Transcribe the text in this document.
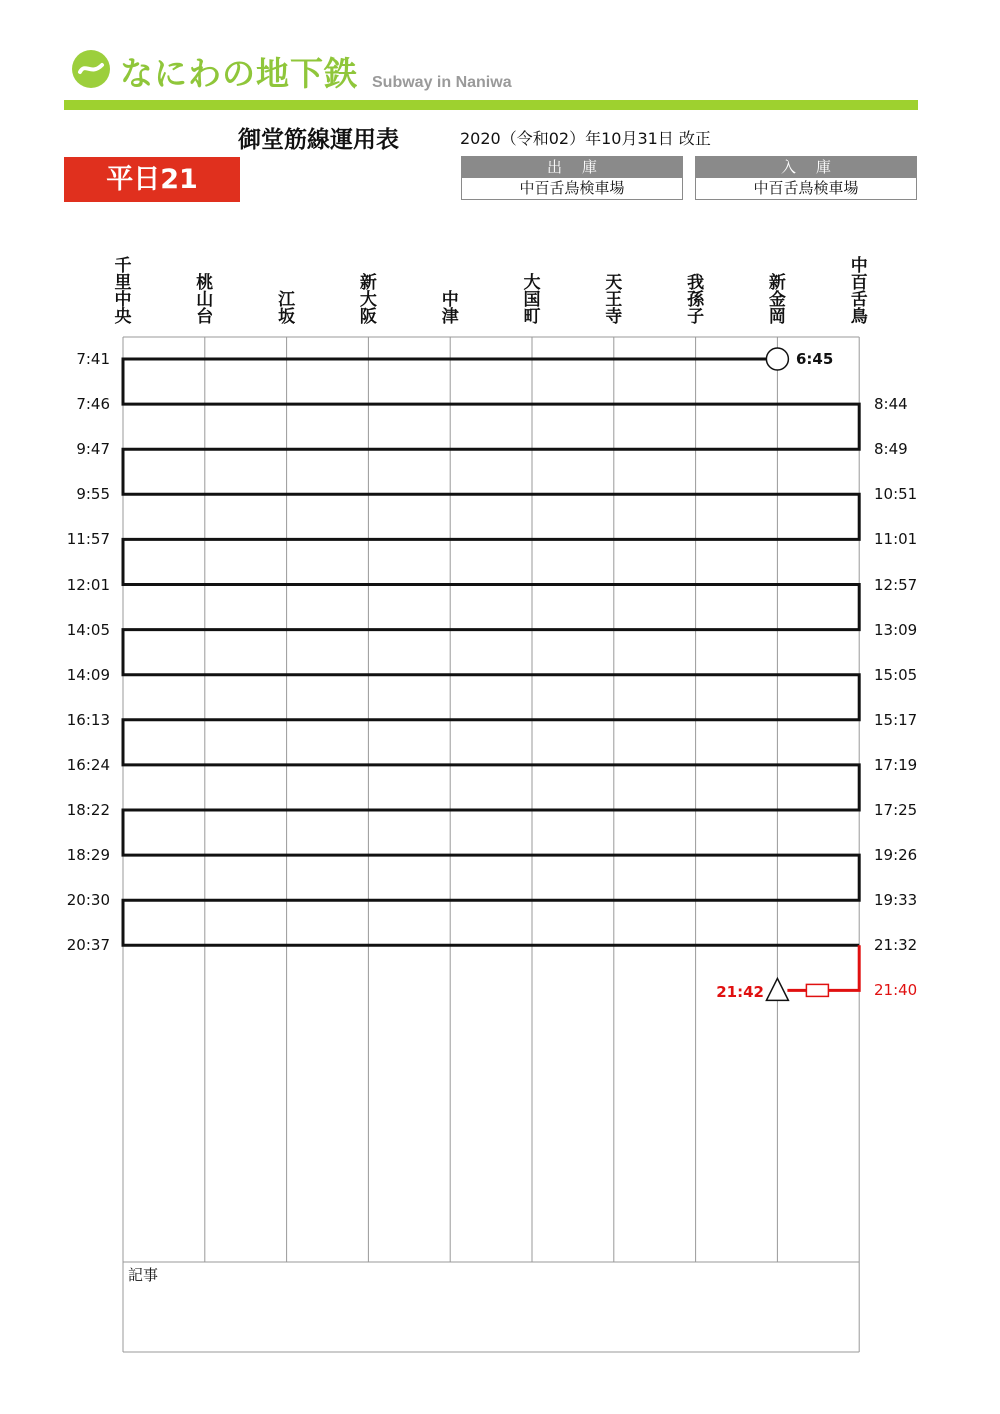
なにわの地下鉄 Subway in Naniwa
御堂筋線運用表	2020（令和02）年10月31日 改正
平日21	出庫
中百舌鳥検車場
入庫
中百舌鳥検車場
千里中央
桃山台
江坂
新大阪
中津
大国町
天王寺
我孫子
新金岡
中百舌鳥
7:41
7:46
9:47
9:55
11:57
12:01
14:05
14:09
16:13
16:24
18:22
18:29
20:30
20:37
8:44
8:49
10:51
11:01
12:57
13:09
15:05
15:17
17:19
17:25
19:26
19:33
21:32
21:40
6:45
21:42
記事
